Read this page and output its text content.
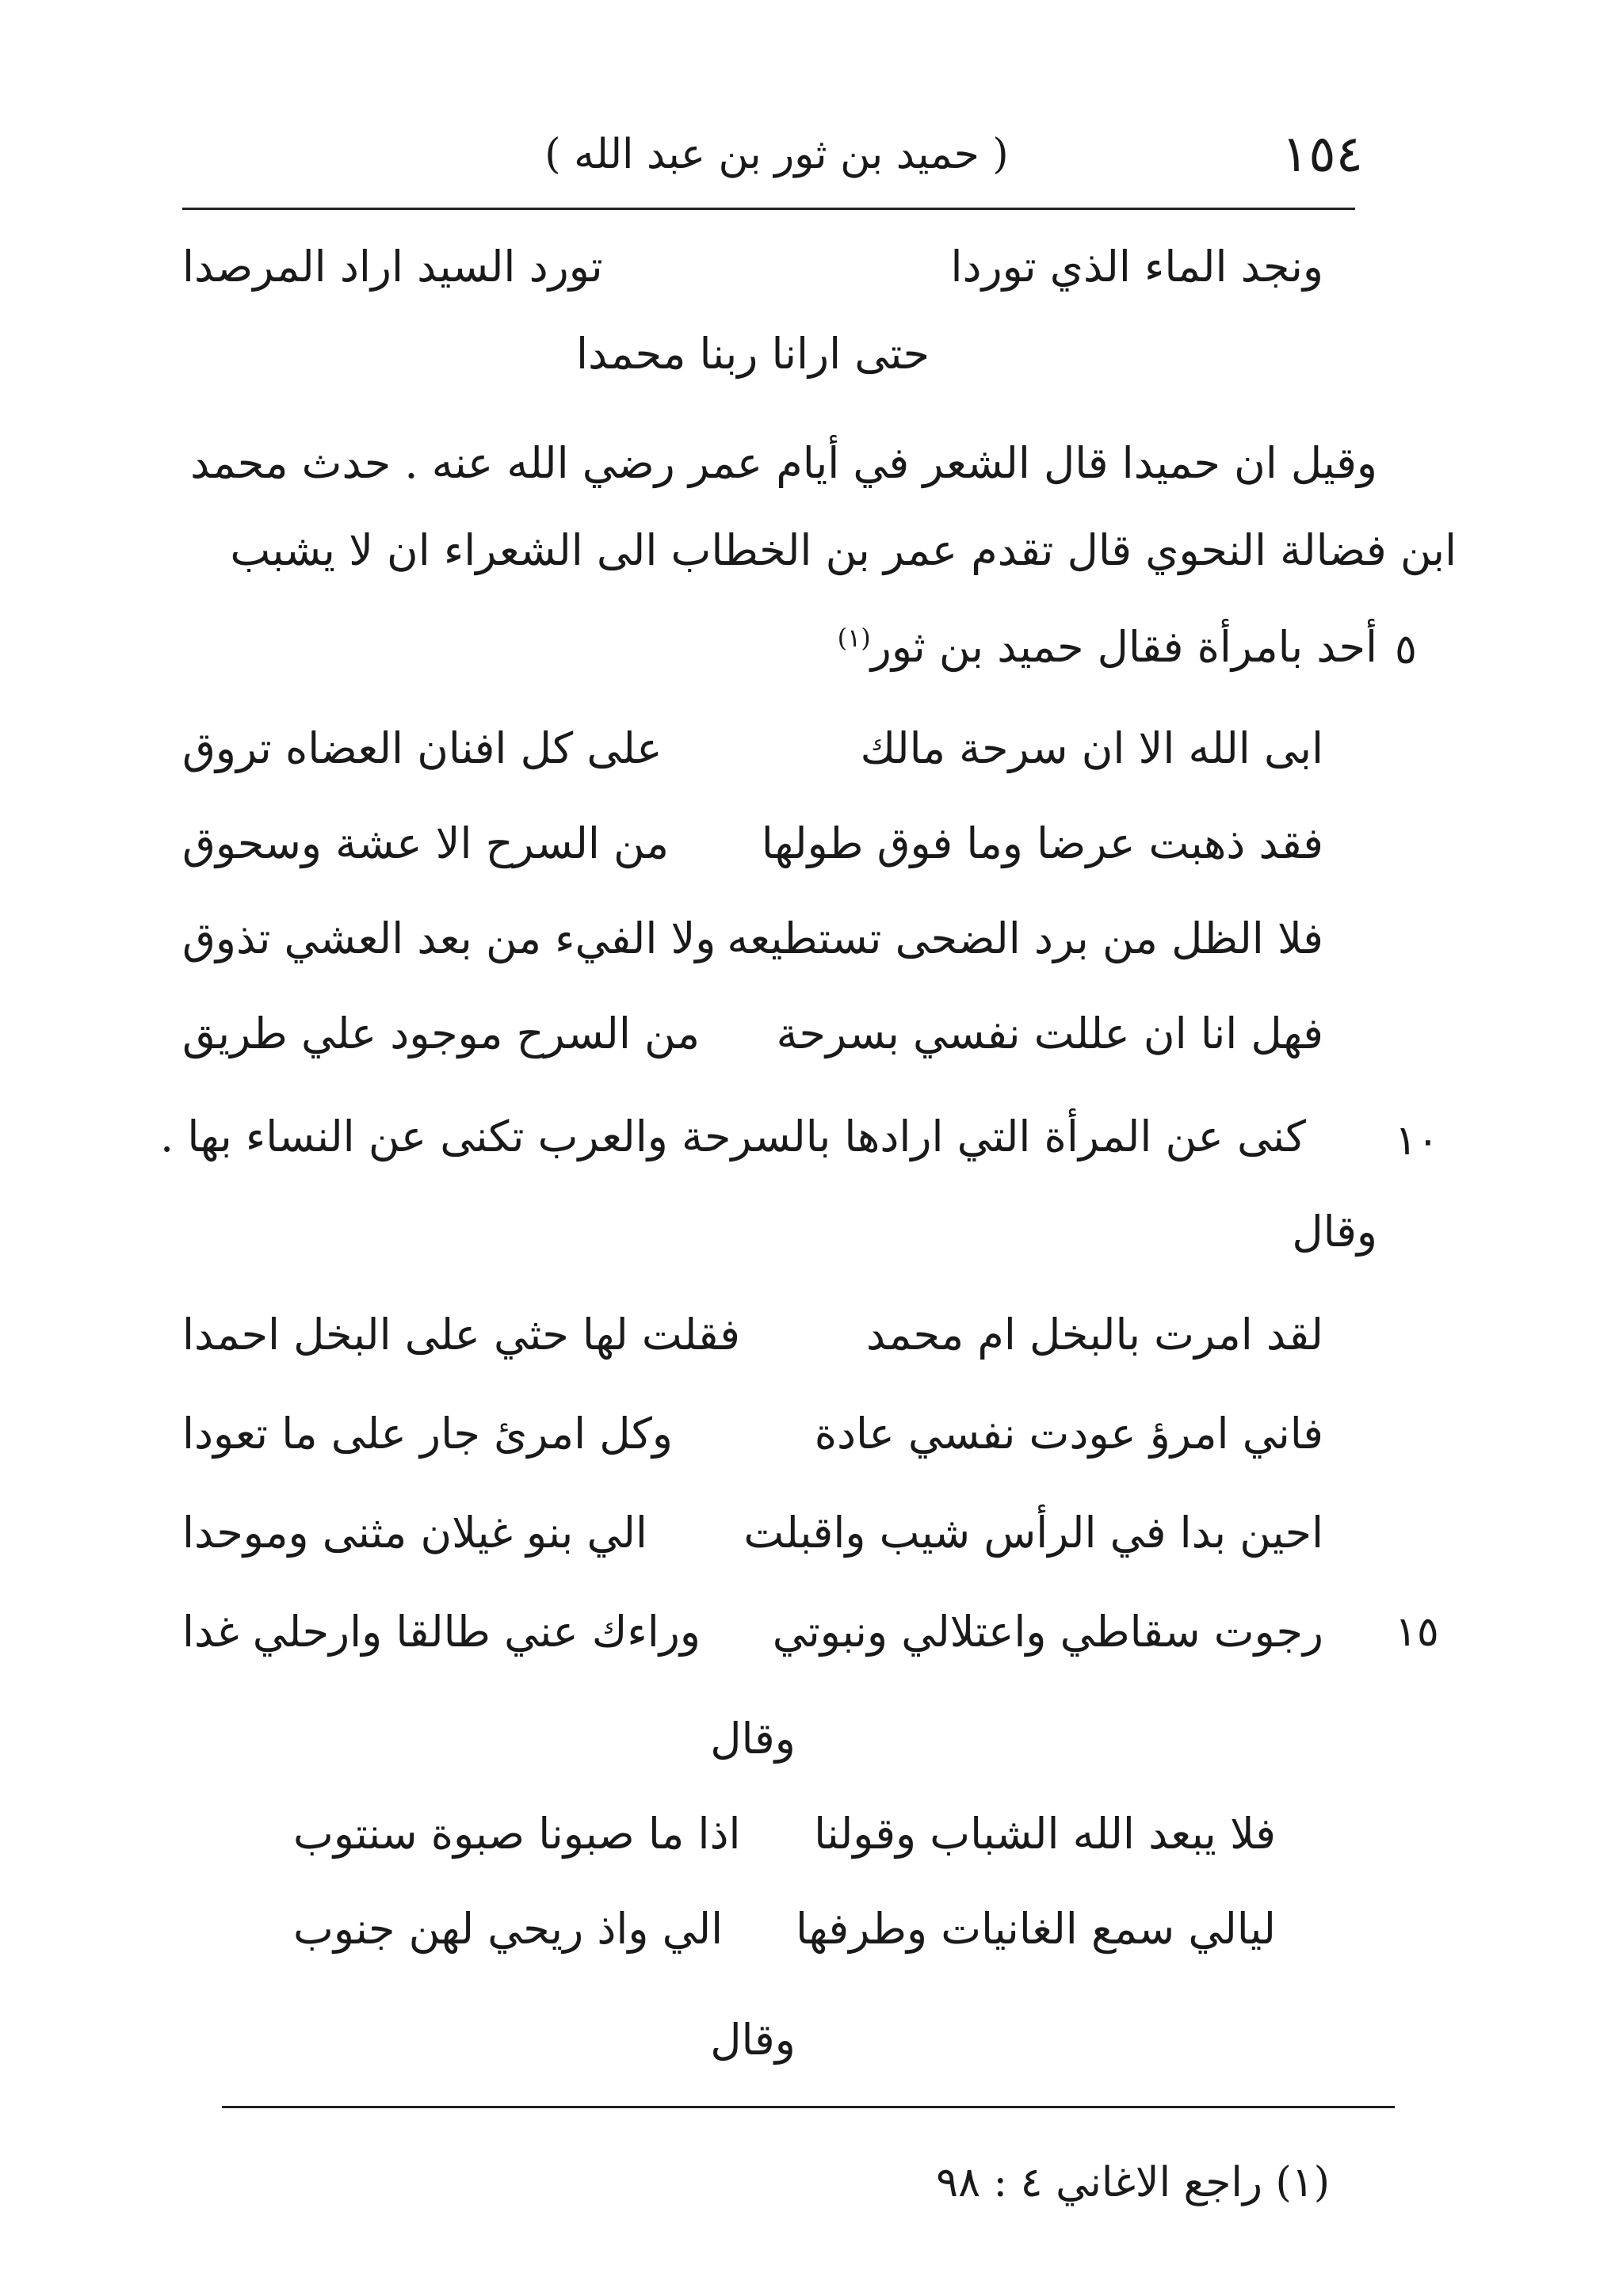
١٥٤
( حميد بن ثور بن عبد الله )
ونجد الماء الذي توردا
تورد السيد اراد المرصدا
حتى ارانا ربنا محمدا
وقيل ان حميدا قال الشعر في أيام عمر رضي الله عنه . حدث محمد
ابن فضالة النحوي قال تقدم عمر بن الخطاب الى الشعراء ان لا يشبب
أحد بامرأة فقال حميد بن ثور$^{(١)}$	٥
ابى الله الا ان سرحة مالك
على كل افنان العضاه تروق
فقد ذهبت عرضا وما فوق طولها
من السرح الا عشة وسحوق
فلا الظل من برد الضحى تستطيعه
ولا الفيء من بعد العشي تذوق
فهل انا ان عللت نفسي بسرحة
من السرح موجود علي طريق
كنى عن المرأة التي ارادها بالسرحة والعرب تكنى عن النساء بها . ١٠
وقال
لقد امرت بالبخل ام محمد
فقلت لها حثي على البخل احمدا
فاني امرؤ عودت نفسي عادة
وكل امرئ جار على ما تعودا
احين بدا في الرأس شيب واقبلت
الي بنو غيلان مثنى وموحدا
رجوت سقاطي واعتلالي ونبوتي
وراءك عني طالقا وارحلي غدا	١٥
وقال
فلا يبعد الله الشباب وقولنا
اذا ما صبونا صبوة سنتوب
ليالي سمع الغانيات وطرفها
الي واذ ريحي لهن جنوب
وقال
(١) راجع الاغاني ٤ : ٩٨
